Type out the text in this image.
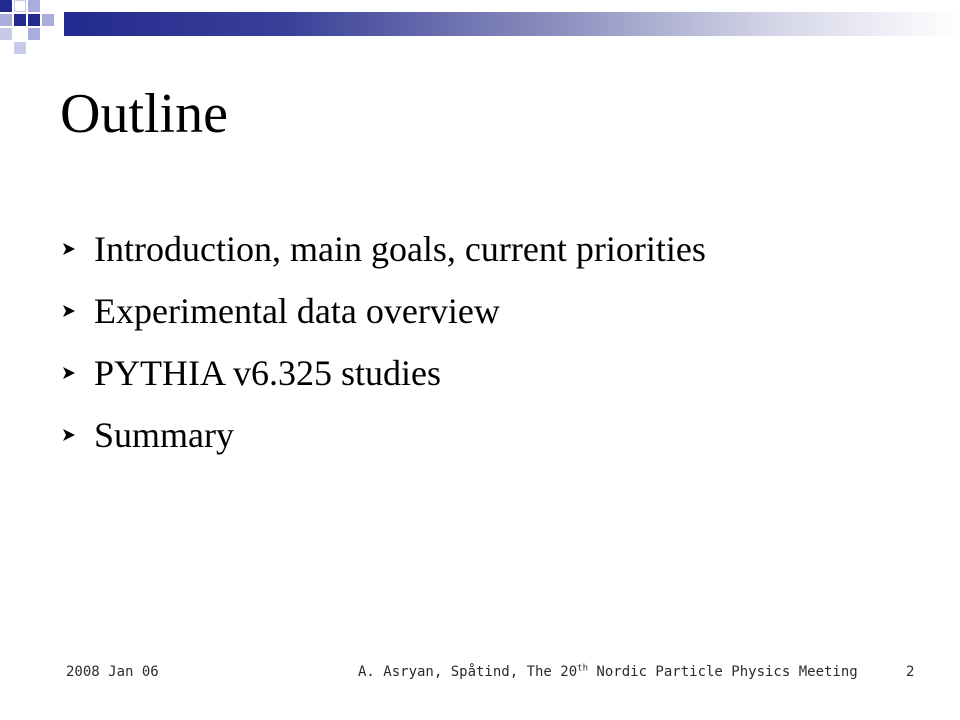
Outline
Introduction, main goals, current priorities
Experimental data overview
PYTHIA v6.325 studies
Summary
2008 Jan 06	A. Asryan, Spåtind, The 20th Nordic Particle Physics Meeting	2
